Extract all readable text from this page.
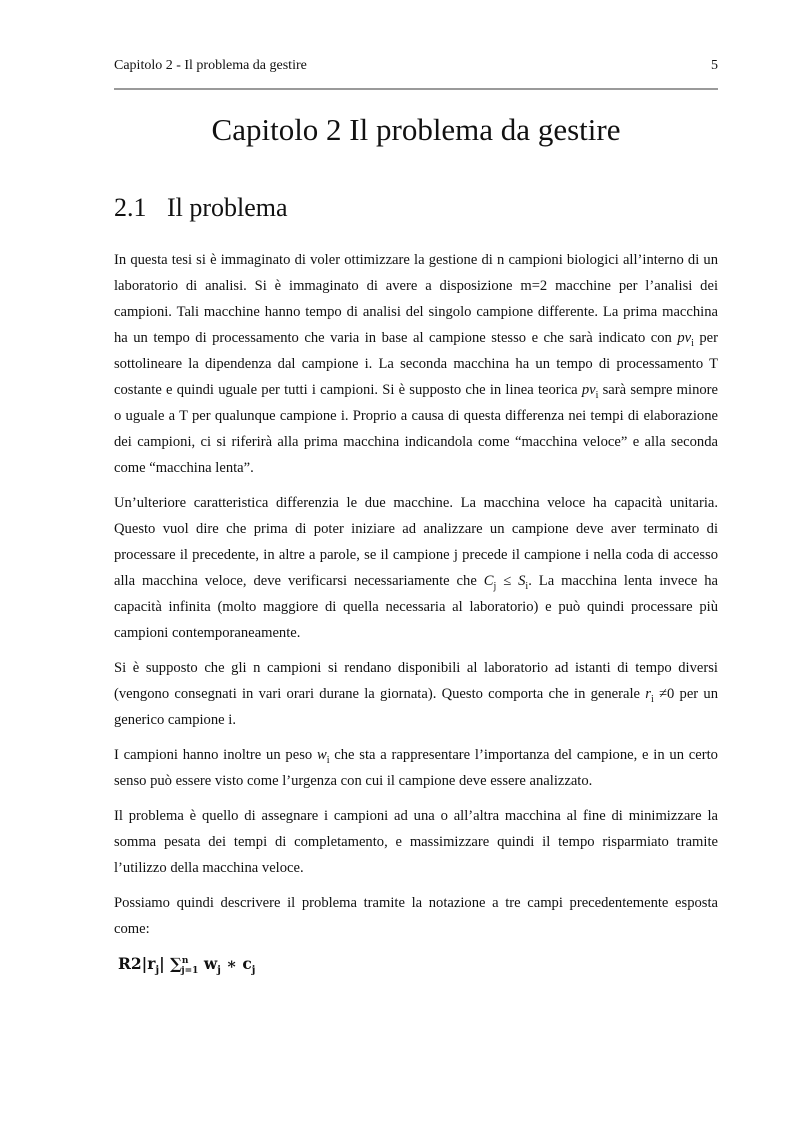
Capitolo 2 - Il problema da gestire	5
Capitolo 2 Il problema da gestire
2.1 Il problema

In questa tesi si è immaginato di voler ottimizzare la gestione di n campioni biologici all’interno di un laboratorio di analisi. Si è immaginato di avere a disposizione m=2 macchine per l’analisi dei campioni. Tali macchine hanno tempo di analisi del singolo campione differente. La prima macchina ha un tempo di processamento che varia in base al campione stesso e che sarà indicato con $pv_i$ per sottolineare la dipendenza dal campione i. La seconda macchina ha un tempo di processamento T costante e quindi uguale per tutti i campioni. Si è supposto che in linea teorica $pv_i$ sarà sempre minore o uguale a T per qualunque campione i. Proprio a causa di questa differenza nei tempi di elaborazione dei campioni, ci si riferirà alla prima macchina indicandola come “macchina veloce” e alla seconda come “macchina lenta”.

Un’ulteriore caratteristica differenzia le due macchine. La macchina veloce ha capacità unitaria. Questo vuol dire che prima di poter iniziare ad analizzare un campione deve aver terminato di processare il precedente, in altre a parole, se il campione j precede il campione i nella coda di accesso alla macchina veloce, deve verificarsi necessariamente che $C_j \le S_i$. La macchina lenta invece ha capacità infinita (molto maggiore di quella necessaria al laboratorio) e può quindi processare più campioni contemporaneamente.

Si è supposto che gli n campioni si rendano disponibili al laboratorio ad istanti di tempo diversi (vengono consegnati in vari orari durane la giornata). Questo comporta che in generale $r_i \ne 0$ per un generico campione i.

I campioni hanno inoltre un peso $w_i$ che sta a rappresentare l’importanza del campione, e in un certo senso può essere visto come l’urgenza con cui il campione deve essere analizzato.

Il problema è quello di assegnare i campioni ad una o all’altra macchina al fine di minimizzare la somma pesata dei tempi di completamento, e massimizzare quindi il tempo risparmiato tramite l’utilizzo della macchina veloce.

Possiamo quindi descrivere il problema tramite la notazione a tre campi precedentemente esposta come:

$R2|r_j|$ ∑$^n_{j=1}$ $w_j$ ∗ $c_j$
